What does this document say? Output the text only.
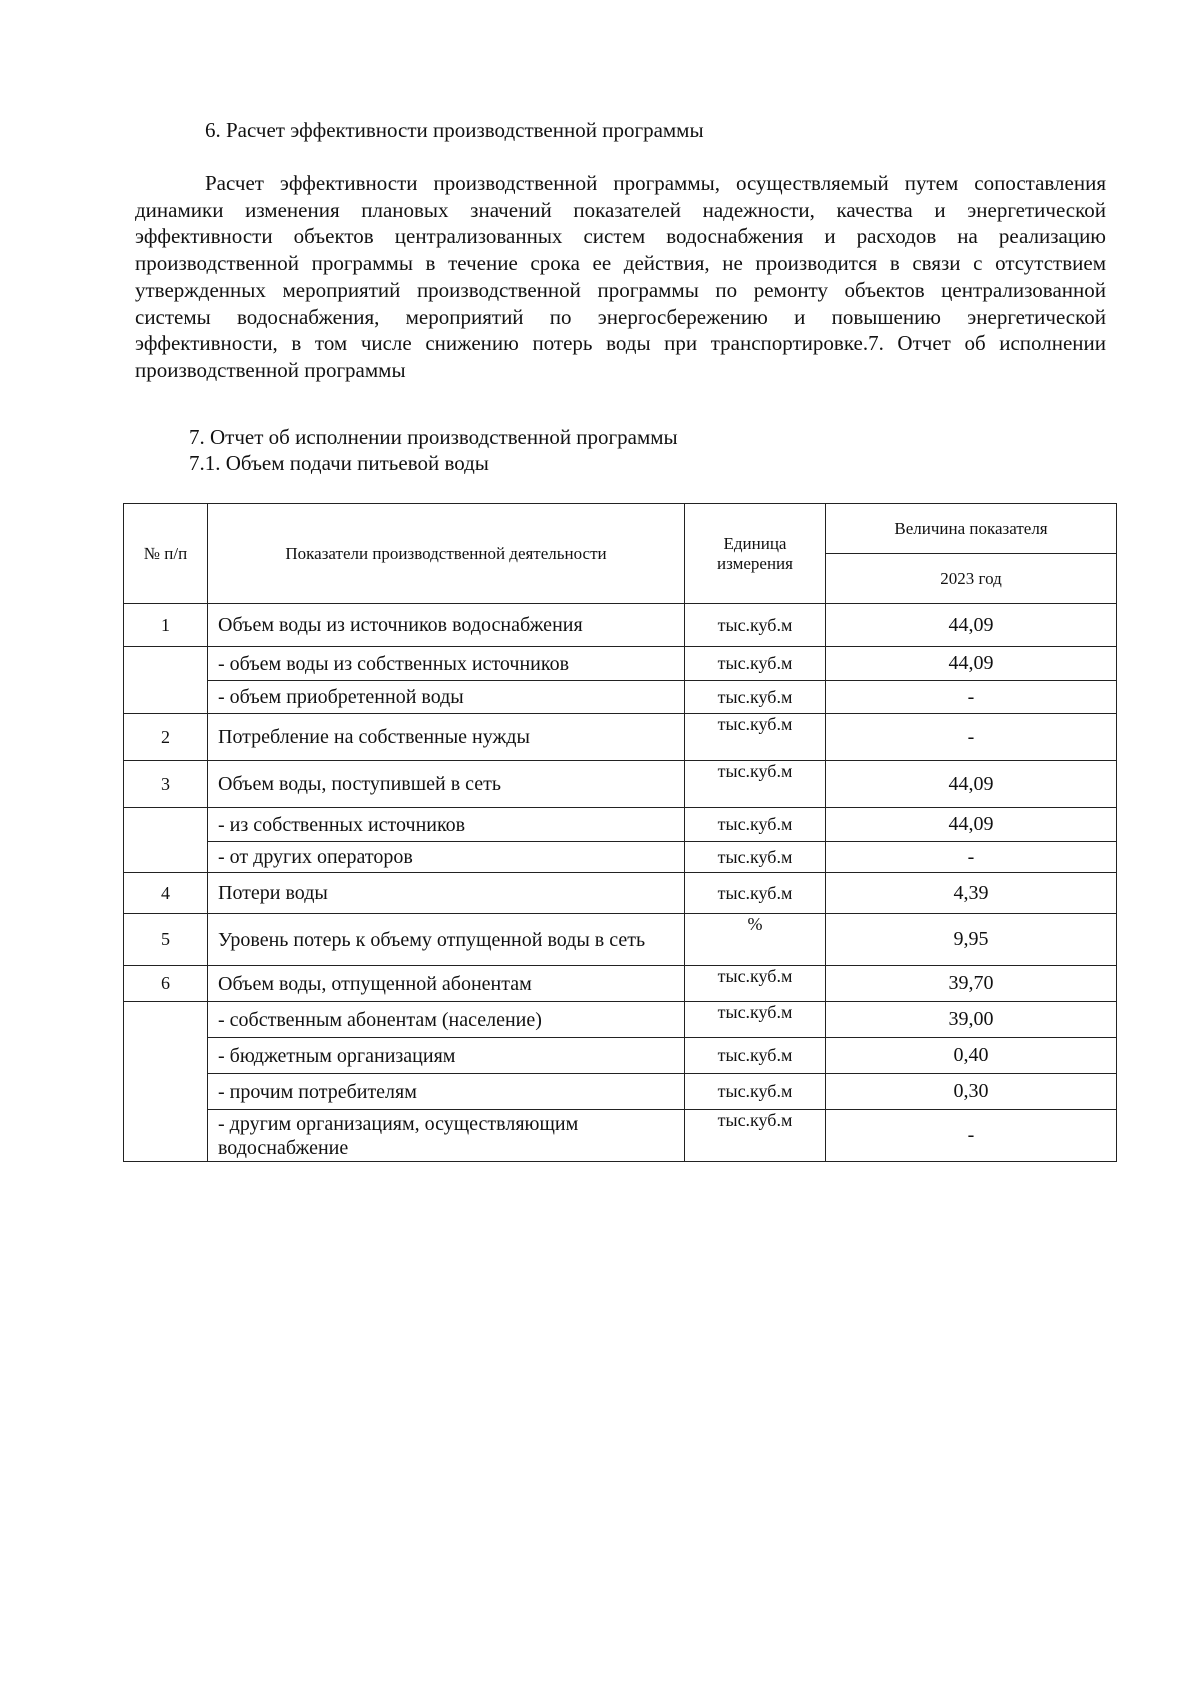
6. Расчет эффективности производственной программы

Расчет эффективности производственной программы, осуществляемый путем сопоставления динамики изменения плановых значений показателей надежности, качества и энергетической эффективности объектов централизованных систем водоснабжения и расходов на реализацию производственной программы в течение срока ее действия, не производится в связи с отсутствием утвержденных мероприятий производственной программы по ремонту объектов централизованной системы водоснабжения, мероприятий по энергосбережению и повышению энергетической эффективности, в том числе снижению потерь воды при транспортировке.7. Отчет об исполнении производственной программы

7. Отчет об исполнении производственной программы
7.1. Объем подачи питьевой воды
№ п/п	Показатели производственной деятельности	Единица измерения	Величина показателя
			2023 год
1	Объем воды из источников водоснабжения	тыс.куб.м	44,09
	- объем воды из собственных источников	тыс.куб.м	44,09
	- объем приобретенной воды	тыс.куб.м	-
2	Потребление на собственные нужды	тыс.куб.м	-
3	Объем воды, поступившей в сеть	тыс.куб.м	44,09
	- из собственных источников	тыс.куб.м	44,09
	- от других операторов	тыс.куб.м	-
4	Потери воды	тыс.куб.м	4,39
5	Уровень потерь к объему отпущенной воды в сеть	%	9,95
6	Объем воды, отпущенной абонентам	тыс.куб.м	39,70
	- собственным абонентам (население)	тыс.куб.м	39,00
	- бюджетным организациям	тыс.куб.м	0,40
	- прочим потребителям	тыс.куб.м	0,30
	- другим организациям, осуществляющим водоснабжение	тыс.куб.м	-
